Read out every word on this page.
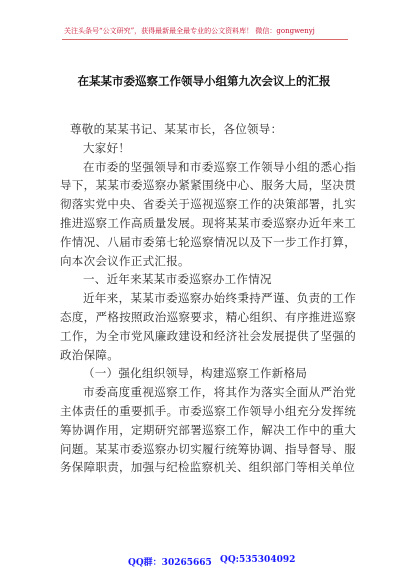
关注头条号“公文研究”，获得最新最全最专业的公文资料库！ 微信：gongwenyj
在某某市委巡察工作领导小组第九次会议上的汇报

尊敬的某某书记、某某市长，各位领导：

大家好！

在市委的坚强领导和市委巡察工作领导小组的悉心指导下，某某市委巡察办紧紧围绕中心、服务大局，坚决贯彻落实党中央、省委关于巡视巡察工作的决策部署，扎实推进巡察工作高质量发展。现将某某市委巡察办近年来工作情况、八届市委第七轮巡察情况以及下一步工作打算，向本次会议作正式汇报。

一、近年来某某市委巡察办工作情况

近年来，某某市委巡察办始终秉持严谨、负责的工作态度，严格按照政治巡察要求，精心组织、有序推进巡察工作，为全市党风廉政建设和经济社会发展提供了坚强的政治保障。

（一）强化组织领导，构建巡察工作新格局

市委高度重视巡察工作，将其作为落实全面从严治党主体责任的重要抓手。市委巡察工作领导小组充分发挥统筹协调作用，定期研究部署巡察工作，解决工作中的重大问题。某某市委巡察办切实履行统筹协调、指导督导、服务保障职责，加强与纪检监察机关、组织部门等相关单位

QQ群：30265665 QQ:535304092
